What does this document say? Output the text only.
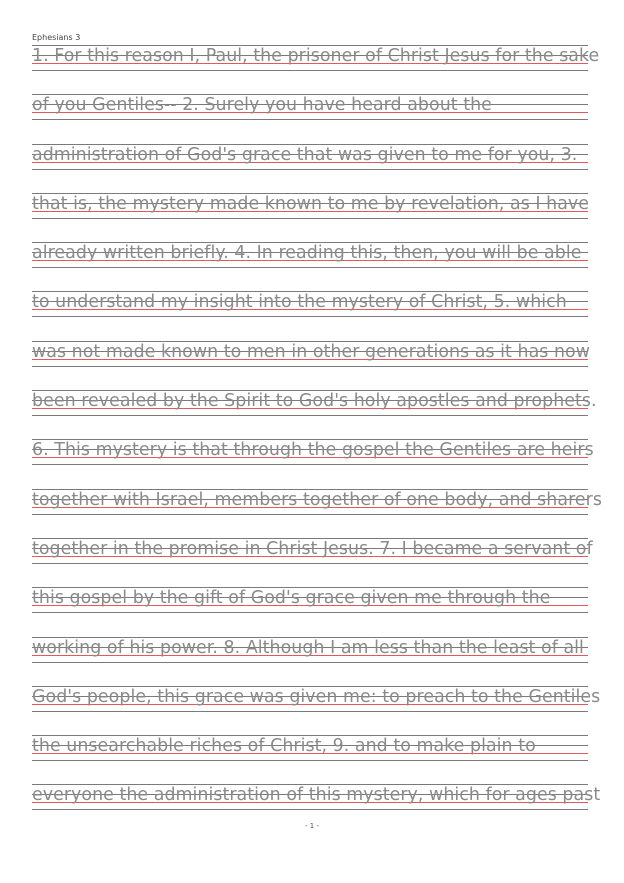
Ephesians 3
1. For this reason I, Paul, the prisoner of Christ Jesus for the sake
of you Gentiles-- 2. Surely you have heard about the
administration of God's grace that was given to me for you, 3.
that is, the mystery made known to me by revelation, as I have
already written briefly. 4. In reading this, then, you will be able
to understand my insight into the mystery of Christ, 5. which
was not made known to men in other generations as it has now
been revealed by the Spirit to God's holy apostles and prophets.
6. This mystery is that through the gospel the Gentiles are heirs
together with Israel, members together of one body, and sharers
together in the promise in Christ Jesus. 7. I became a servant of
this gospel by the gift of God's grace given me through the
working of his power. 8. Although I am less than the least of all
God's people, this grace was given me: to preach to the Gentiles
the unsearchable riches of Christ, 9. and to make plain to
everyone the administration of this mystery, which for ages past
- 1 -
